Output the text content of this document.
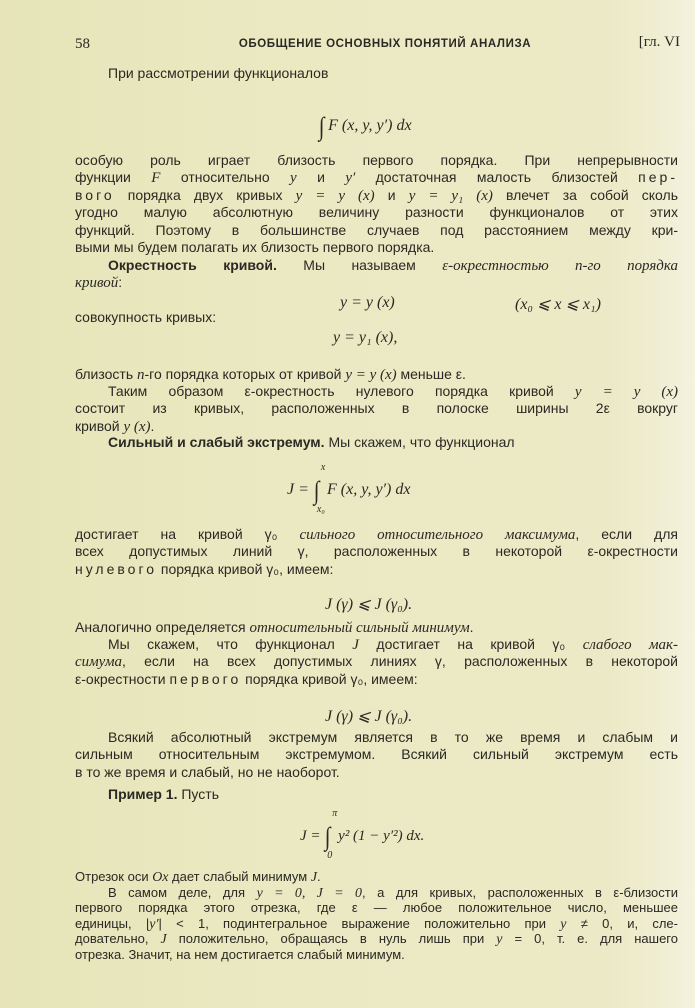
58	ОБОБЩЕНИЕ ОСНОВНЫХ ПОНЯТИЙ АНАЛИЗА	[гл. VI
При рассмотрении функционалов
∫ F (x, y, y′) dx
особую роль играет близость первого порядка. При непрерывности
функции F относительно y и y′ достаточная малость близостей пер-
вого порядка двух кривых y = y (x) и y = y₁ (x) влечет за собой сколь
угодно малую абсолютную величину разности функционалов от этих
функций. Поэтому в большинстве случаев под расстоянием между кри-
выми мы будем полагать их близость первого порядка.
Окрестность кривой. Мы называем ε-окрестностью n-го порядка
кривой:
y = y (x)	(x₀ ⩽ x ⩽ x₁)
совокупность кривых:
y = y₁ (x),
близость n-го порядка которых от кривой y = y (x) меньше ε.
Таким образом ε-окрестность нулевого порядка кривой y = y (x)
состоит из кривых, расположенных в полоске ширины 2ε вокруг
кривой y (x).
Сильный и слабый экстремум. Мы скажем, что функционал
J =
x
∫
x₀
F (x, y, y′) dx
достигает на кривой γ₀ сильного относительного максимума, если для
всех допустимых линий γ, расположенных в некоторой ε-окрестности
нулевого порядка кривой γ₀, имеем:
J (γ) ⩽ J (γ₀).
Аналогично определяется относительный сильный минимум.
Мы скажем, что функционал J достигает на кривой γ₀ слабого мак-
симума, если на всех допустимых линиях γ, расположенных в некоторой
ε-окрестности первого порядка кривой γ₀, имеем:
J (γ) ⩽ J (γ₀).
Всякий абсолютный экстремум является в то же время и слабым и
сильным относительным экстремумом. Всякий сильный экстремум есть
в то же время и слабый, но не наоборот.
Пример 1. Пусть
J =
π
∫
0
y² (1 − y′²) dx.
Отрезок оси Ox дает слабый минимум J.
В самом деле, для y = 0, J = 0, а для кривых, расположенных в ε-близости
первого порядка этого отрезка, где ε — любое положительное число, меньшее
единицы, |y′| < 1, подинтегральное выражение положительно при y ≠ 0, и, сле-
довательно, J положительно, обращаясь в нуль лишь при y = 0, т. е. для нашего
отрезка. Значит, на нем достигается слабый минимум.
